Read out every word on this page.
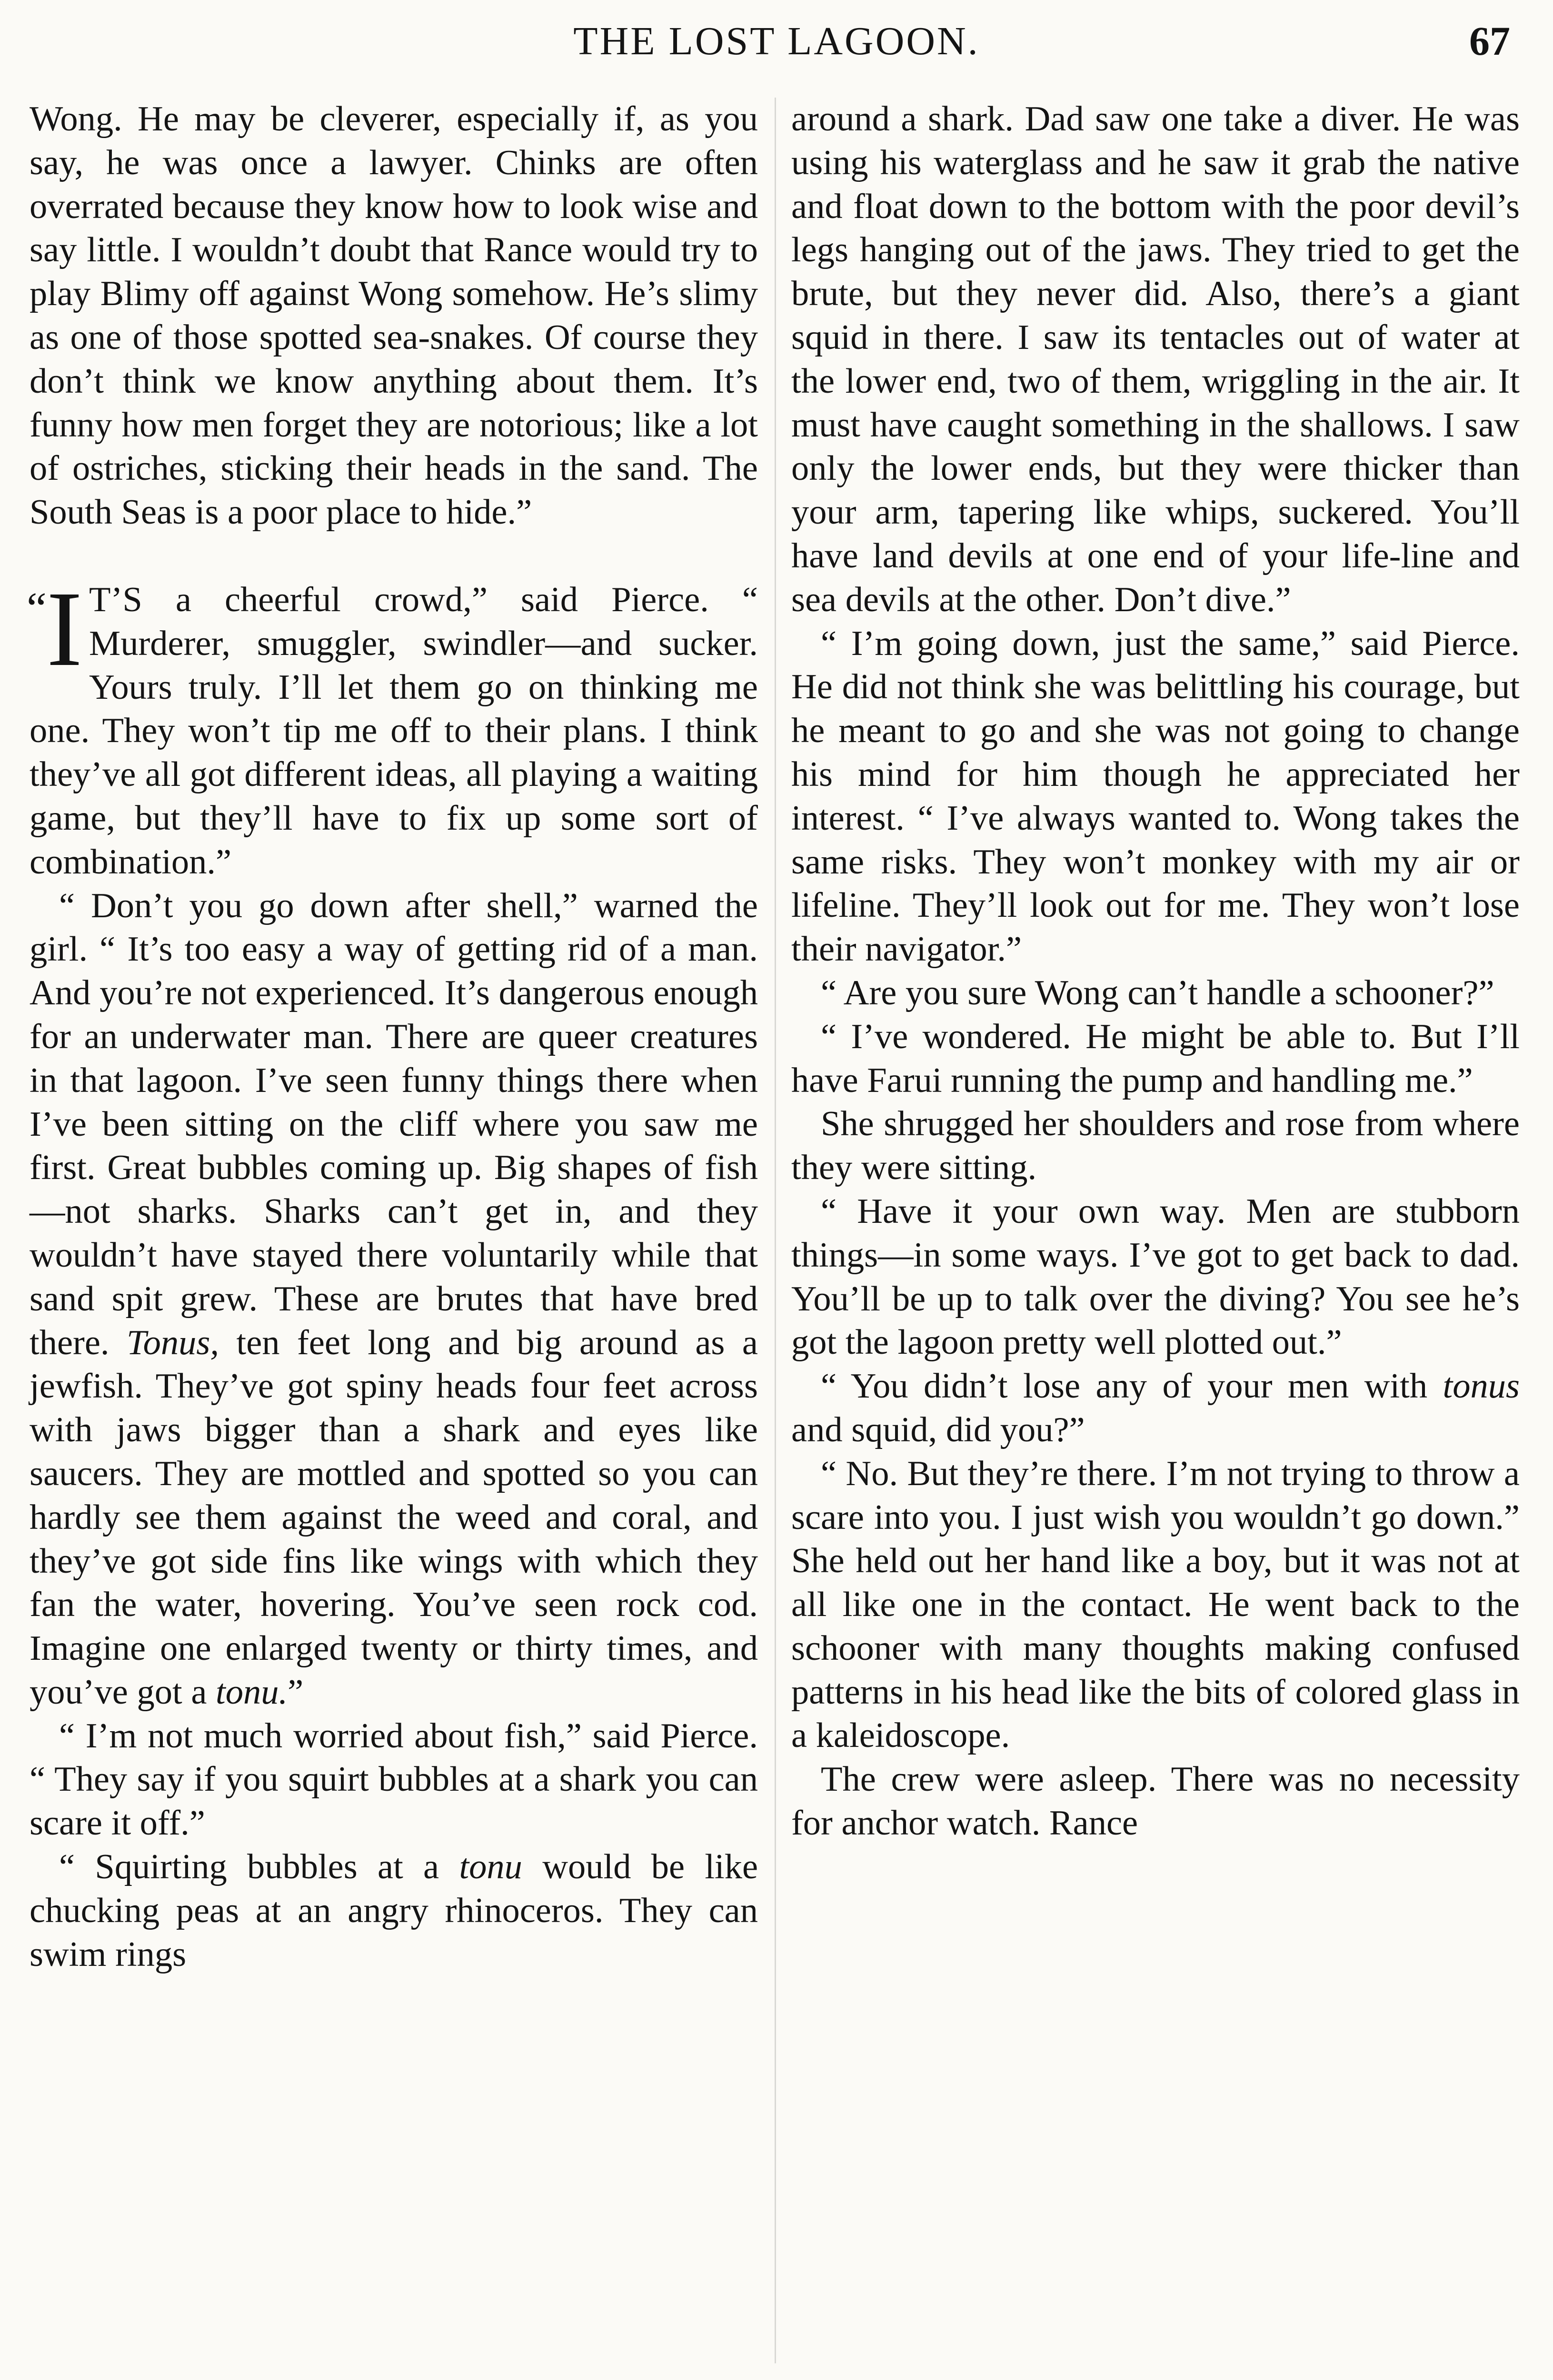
THE LOST LAGOON.	67

Wong. He may be cleverer, especially if, as you say, he was once a lawyer. Chinks are often overrated because they know how to look wise and say little. I wouldn’t doubt that Rance would try to play Blimy off against Wong somehow. He’s slimy as one of those spotted sea-snakes. Of course they don’t think we know anything about them. It’s funny how men forget they are notorious; like a lot of ostriches, sticking their heads in the sand. The South Seas is a poor place to hide.”

“I T’S a cheerful crowd,” said Pierce. “ Murderer, smuggler, swindler—and sucker. Yours truly. I’ll let them go on thinking me one. They won’t tip me off to their plans. I think they’ve all got different ideas, all playing a waiting game, but they’ll have to fix up some sort of combination.”

“ Don’t you go down after shell,” warned the girl. “ It’s too easy a way of getting rid of a man. And you’re not experienced. It’s dangerous enough for an underwater man. There are queer creatures in that lagoon. I’ve seen funny things there when I’ve been sitting on the cliff where you saw me first. Great bubbles coming up. Big shapes of fish—not sharks. Sharks can’t get in, and they wouldn’t have stayed there voluntarily while that sand spit grew. These are brutes that have bred there. Tonus, ten feet long and big around as a jewfish. They’ve got spiny heads four feet across with jaws bigger than a shark and eyes like saucers. They are mottled and spotted so you can hardly see them against the weed and coral, and they’ve got side fins like wings with which they fan the water, hovering. You’ve seen rock cod. Imagine one enlarged twenty or thirty times, and you’ve got a tonu.”

“ I’m not much worried about fish,” said Pierce. “ They say if you squirt bubbles at a shark you can scare it off.”

“ Squirting bubbles at a tonu would be like chucking peas at an angry rhinoceros. They can swim rings

around a shark. Dad saw one take a diver. He was using his waterglass and he saw it grab the native and float down to the bottom with the poor devil’s legs hanging out of the jaws. They tried to get the brute, but they never did. Also, there’s a giant squid in there. I saw its tentacles out of water at the lower end, two of them, wriggling in the air. It must have caught something in the shallows. I saw only the lower ends, but they were thicker than your arm, tapering like whips, suckered. You’ll have land devils at one end of your life-line and sea devils at the other. Don’t dive.”

“ I’m going down, just the same,” said Pierce. He did not think she was belittling his courage, but he meant to go and she was not going to change his mind for him though he appreciated her interest. “ I’ve always wanted to. Wong takes the same risks. They won’t monkey with my air or lifeline. They’ll look out for me. They won’t lose their navigator.”

“ Are you sure Wong can’t handle a schooner?”

“ I’ve wondered. He might be able to. But I’ll have Farui running the pump and handling me.”

She shrugged her shoulders and rose from where they were sitting.

“ Have it your own way. Men are stubborn things—in some ways. I’ve got to get back to dad. You’ll be up to talk over the diving? You see he’s got the lagoon pretty well plotted out.”

“ You didn’t lose any of your men with tonus and squid, did you?”

“ No. But they’re there. I’m not trying to throw a scare into you. I just wish you wouldn’t go down.” She held out her hand like a boy, but it was not at all like one in the contact. He went back to the schooner with many thoughts making confused patterns in his head like the bits of colored glass in a kaleidoscope.

The crew were asleep. There was no necessity for anchor watch. Rance
